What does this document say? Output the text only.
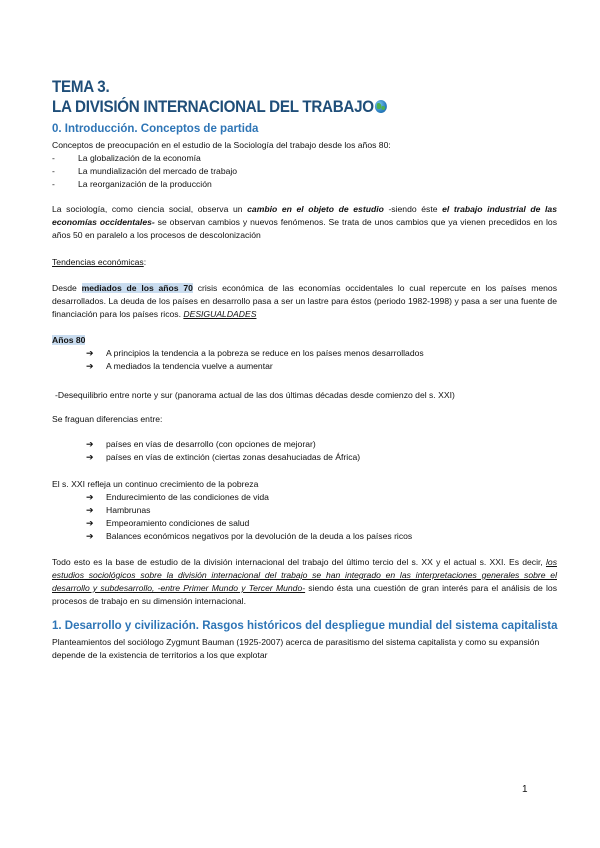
TEMA 3.
LA DIVISIÓN INTERNACIONAL DEL TRABAJO
0. Introducción. Conceptos de partida
Conceptos de preocupación en el estudio de la Sociología del trabajo desde los años 80:
-	La globalización de la economía
-	La mundialización del mercado de trabajo
-	La reorganización de la producción
La sociología, como ciencia social, observa un cambio en el objeto de estudio -siendo éste el trabajo industrial de las economías occidentales- se observan cambios y nuevos fenómenos. Se trata de unos cambios que ya vienen precedidos en los años 50 en paralelo a los procesos de descolonización
Tendencias económicas:
Desde mediados de los años 70 crisis económica de las economías occidentales lo cual repercute en los países menos desarrollados. La deuda de los países en desarrollo pasa a ser un lastre para éstos (periodo 1982-1998) y pasa a ser una fuente de financiación para los países ricos. DESIGUALDADES
Años 80
➔ A principios la tendencia a la pobreza se reduce en los países menos desarrollados
➔ A mediados la tendencia vuelve a aumentar
-Desequilibrio entre norte y sur (panorama actual de las dos últimas décadas desde comienzo del s. XXI)
Se fraguan diferencias entre:
➔ países en vías de desarrollo (con opciones de mejorar)
➔ países en vías de extinción (ciertas zonas desahuciadas de África)
El s. XXI refleja un continuo crecimiento de la pobreza
➔ Endurecimiento de las condiciones de vida
➔ Hambrunas
➔ Empeoramiento condiciones de salud
➔ Balances económicos negativos por la devolución de la deuda a los países ricos
Todo esto es la base de estudio de la división internacional del trabajo del último tercio del s. XX y el actual s. XXI. Es decir, los estudios sociológicos sobre la división internacional del trabajo se han integrado en las interpretaciones generales sobre el desarrollo y subdesarrollo, -entre Primer Mundo y Tercer Mundo- siendo ésta una cuestión de gran interés para el análisis de los procesos de trabajo en su dimensión internacional.
1. Desarrollo y civilización. Rasgos históricos del despliegue mundial del sistema capitalista
Planteamientos del sociólogo Zygmunt Bauman (1925-2007) acerca de parasitismo del sistema capitalista y como su expansión depende de la existencia de territorios a los que explotar
1
